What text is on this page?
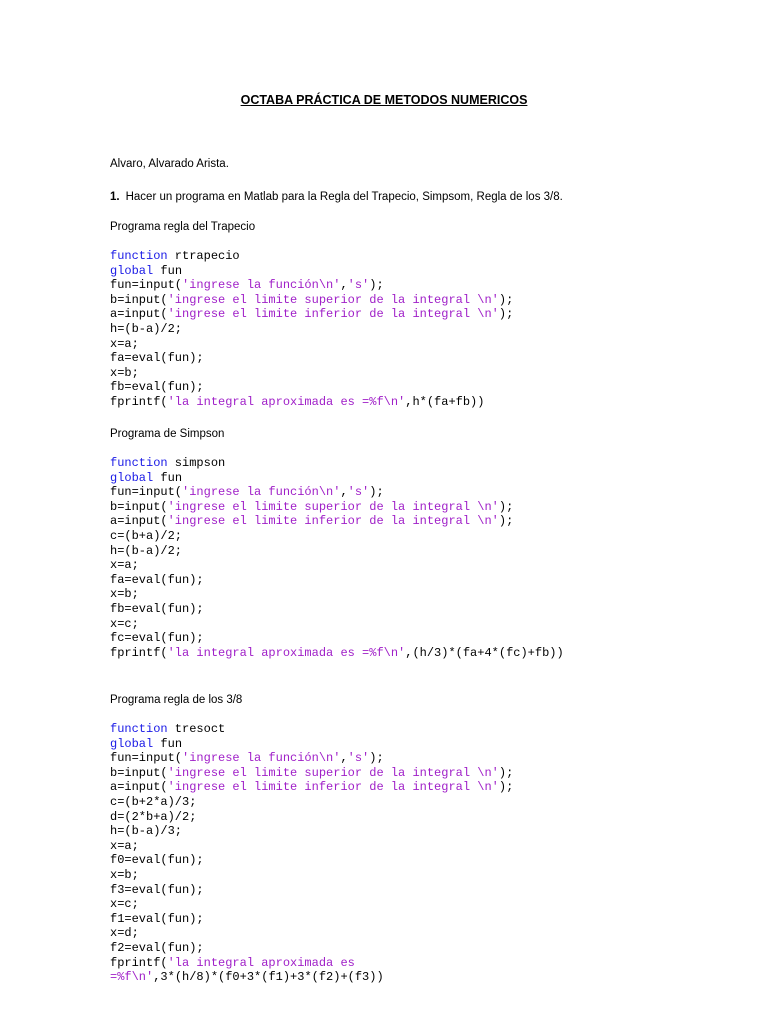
OCTABA PRÁCTICA DE METODOS NUMERICOS
Alvaro, Alvarado Arista.
1. Hacer un programa en Matlab para la Regla del Trapecio, Simpsom, Regla de los 3/8.
Programa regla del Trapecio
function rtrapecio
global fun
fun=input('ingrese la función\n','s');
b=input('ingrese el limite superior de la integral \n');
a=input('ingrese el limite inferior de la integral \n');
h=(b-a)/2;
x=a;
fa=eval(fun);
x=b;
fb=eval(fun);
fprintf('la integral aproximada es =%f\n',h*(fa+fb))
Programa de Simpson
function simpson
global fun
fun=input('ingrese la función\n','s');
b=input('ingrese el limite superior de la integral \n');
a=input('ingrese el limite inferior de la integral \n');
c=(b+a)/2;
h=(b-a)/2;
x=a;
fa=eval(fun);
x=b;
fb=eval(fun);
x=c;
fc=eval(fun);
fprintf('la integral aproximada es =%f\n',(h/3)*(fa+4*(fc)+fb))
Programa regla de los 3/8
function tresoct
global fun
fun=input('ingrese la función\n','s');
b=input('ingrese el limite superior de la integral \n');
a=input('ingrese el limite inferior de la integral \n');
c=(b+2*a)/3;
d=(2*b+a)/2;
h=(b-a)/3;
x=a;
f0=eval(fun);
x=b;
f3=eval(fun);
x=c;
f1=eval(fun);
x=d;
f2=eval(fun);
fprintf('la integral aproximada es
=%f\n',3*(h/8)*(f0+3*(f1)+3*(f2)+(f3))
